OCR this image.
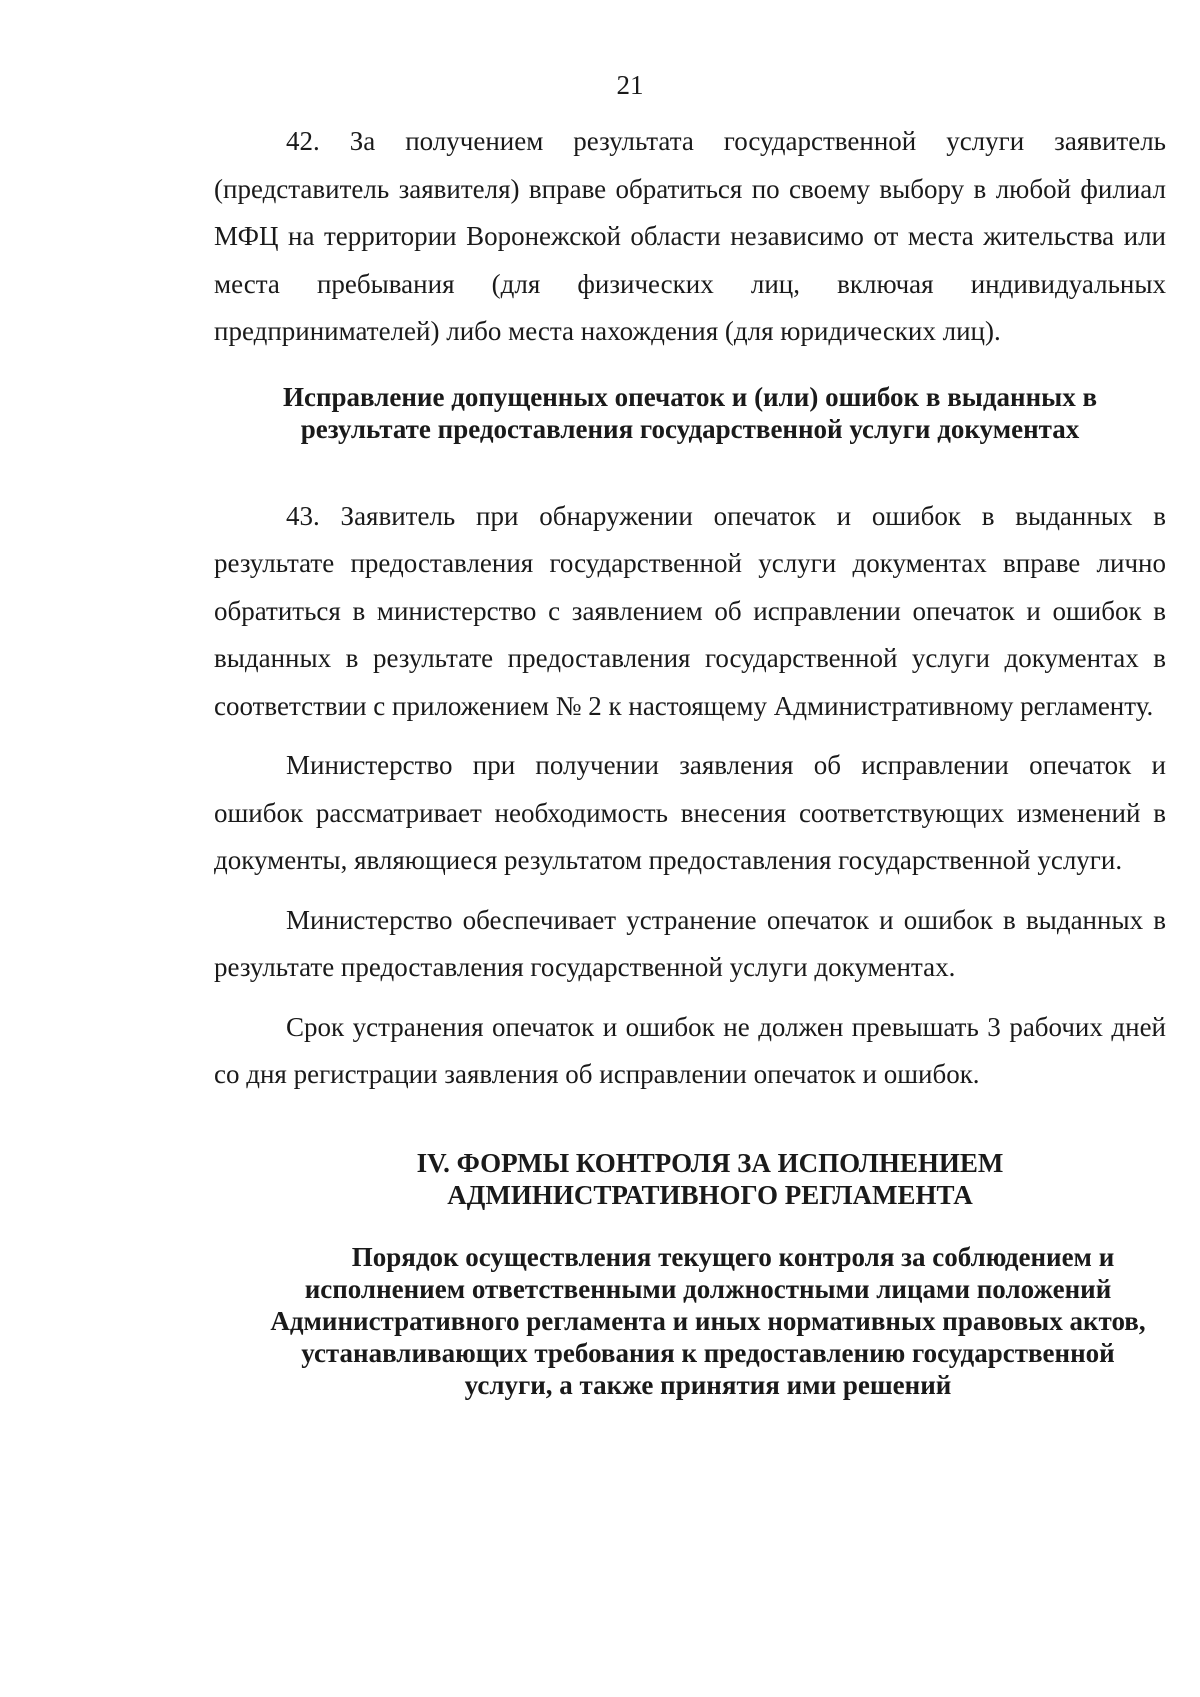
21

42. За получением результата государственной услуги заявитель (представитель заявителя) вправе обратиться по своему выбору в любой филиал МФЦ на территории Воронежской области независимо от места жительства или места пребывания (для физических лиц, включая индивидуальных предпринимателей) либо места нахождения (для юридических лиц).

Исправление допущенных опечаток и (или) ошибок в выданных в
результате предоставления государственной услуги документах

43. Заявитель при обнаружении опечаток и ошибок в выданных в результате предоставления государственной услуги документах вправе лично обратиться в министерство с заявлением об исправлении опечаток и ошибок в выданных в результате предоставления государственной услуги документах в соответствии с приложением № 2 к настоящему Административному регламенту.

Министерство при получении заявления об исправлении опечаток и ошибок рассматривает необходимость внесения соответствующих изменений в документы, являющиеся результатом предоставления государственной услуги.

Министерство обеспечивает устранение опечаток и ошибок в выданных в результате предоставления государственной услуги документах.

Срок устранения опечаток и ошибок не должен превышать 3 рабочих дней со дня регистрации заявления об исправлении опечаток и ошибок.

IV. ФОРМЫ КОНТРОЛЯ ЗА ИСПОЛНЕНИЕМ
АДМИНИСТРАТИВНОГО РЕГЛАМЕНТА
Порядок осуществления текущего контроля за соблюдением и
исполнением ответственными должностными лицами положений
Административного регламента и иных нормативных правовых актов,
устанавливающих требования к предоставлению государственной
услуги, а также принятия ими решений
